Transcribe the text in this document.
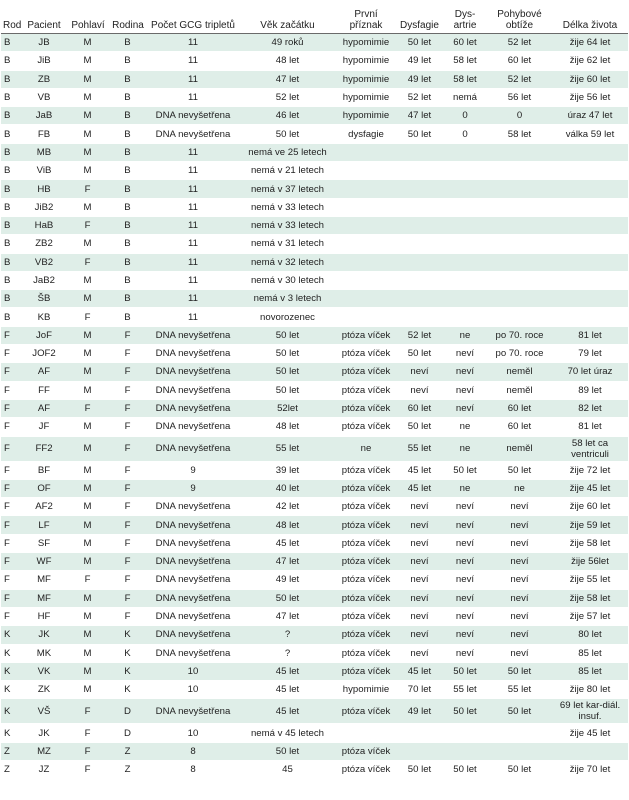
Rod	Pacient	Pohlaví	Rodina	Počet GCG tripletů	Věk začátku	První příznak	Dysfagie	Dys- artrie	Pohybové obtíže	Délka života
B	JB	M	B	11	49 roků	hypomimie	50 let	60 let	52 let	žije 64 let
B	JiB	M	B	11	48 let	hypomimie	49 let	58 let	60 let	žije 62 let
B	ZB	M	B	11	47 let	hypomimie	49 let	58 let	52 let	žije 60 let
B	VB	M	B	11	52 let	hypomimie	52 let	nemá	56 let	žije 56 let
B	JaB	M	B	DNA nevyšetřena	46 let	hypomimie	47 let	0	0	úraz 47 let
B	FB	M	B	DNA nevyšetřena	50 let	dysfagie	50 let	0	58 let	válka 59 let
B	MB	M	B	11	nemá ve 25 letech					
B	ViB	M	B	11	nemá v 21 letech					
B	HB	F	B	11	nemá v 37 letech					
B	JiB2	M	B	11	nemá v 33 letech					
B	HaB	F	B	11	nemá v 33 letech					
B	ZB2	M	B	11	nemá v 31 letech					
B	VB2	F	B	11	nemá v 32 letech					
B	JaB2	M	B	11	nemá v 30 letech					
B	ŠB	M	B	11	nemá v 3 letech					
B	KB	F	B	11	novorozenec					
F	JoF	M	F	DNA nevyšetřena	50 let	ptóza víček	52 let	ne	po 70. roce	81 let
F	JOF2	M	F	DNA nevyšetřena	50 let	ptóza víček	50 let	neví	po 70. roce	79 let
F	AF	M	F	DNA nevyšetřena	50 let	ptóza víček	neví	neví	neměl	70 let úraz
F	FF	M	F	DNA nevyšetřena	50 let	ptóza víček	neví	neví	neměl	89 let
F	AF	F	F	DNA nevyšetřena	52let	ptóza víček	60 let	neví	60 let	82 let
F	JF	M	F	DNA nevyšetřena	48 let	ptóza víček	50 let	ne	60 let	81 let
F	FF2	M	F	DNA nevyšetřena	55 let	ne	55 let	ne	neměl	58 let ca ventriculi
F	BF	M	F	9	39 let	ptóza víček	45 let	50 let	50 let	žije 72 let
F	OF	M	F	9	40 let	ptóza víček	45 let	ne	ne	žije 45 let
F	AF2	M	F	DNA nevyšetřena	42 let	ptóza víček	neví	neví	neví	žije 60 let
F	LF	M	F	DNA nevyšetřena	48 let	ptóza víček	neví	neví	neví	žije 59 let
F	SF	M	F	DNA nevyšetřena	45 let	ptóza víček	neví	neví	neví	žije 58 let
F	WF	M	F	DNA nevyšetřena	47 let	ptóza víček	neví	neví	neví	žije 56let
F	MF	F	F	DNA nevyšetřena	49 let	ptóza víček	neví	neví	neví	žije 55 let
F	MF	M	F	DNA nevyšetřena	50 let	ptóza víček	neví	neví	neví	žije 58 let
F	HF	M	F	DNA nevyšetřena	47 let	ptóza víček	neví	neví	neví	žije 57 let
K	JK	M	K	DNA nevyšetřena	?	ptóza víček	neví	neví	neví	80 let
K	MK	M	K	DNA nevyšetřena	?	ptóza víček	neví	neví	neví	85 let
K	VK	M	K	10	45 let	ptóza víček	45 let	50 let	50 let	85 let
K	ZK	M	K	10	45 let	hypomimie	70 let	55 let	55 let	žije 80 let
K	VŠ	F	D	DNA nevyšetřena	45 let	ptóza víček	49 let	50 let	50 let	69 let kar-diál. insuf.
K	JK	F	D	10	nemá v 45 letech					žije 45 let
Z	MZ	F	Z	8	50 let	ptóza víček				
Z	JZ	F	Z	8	45	ptóza víček	50 let	50 let	50 let	žije 70 let
